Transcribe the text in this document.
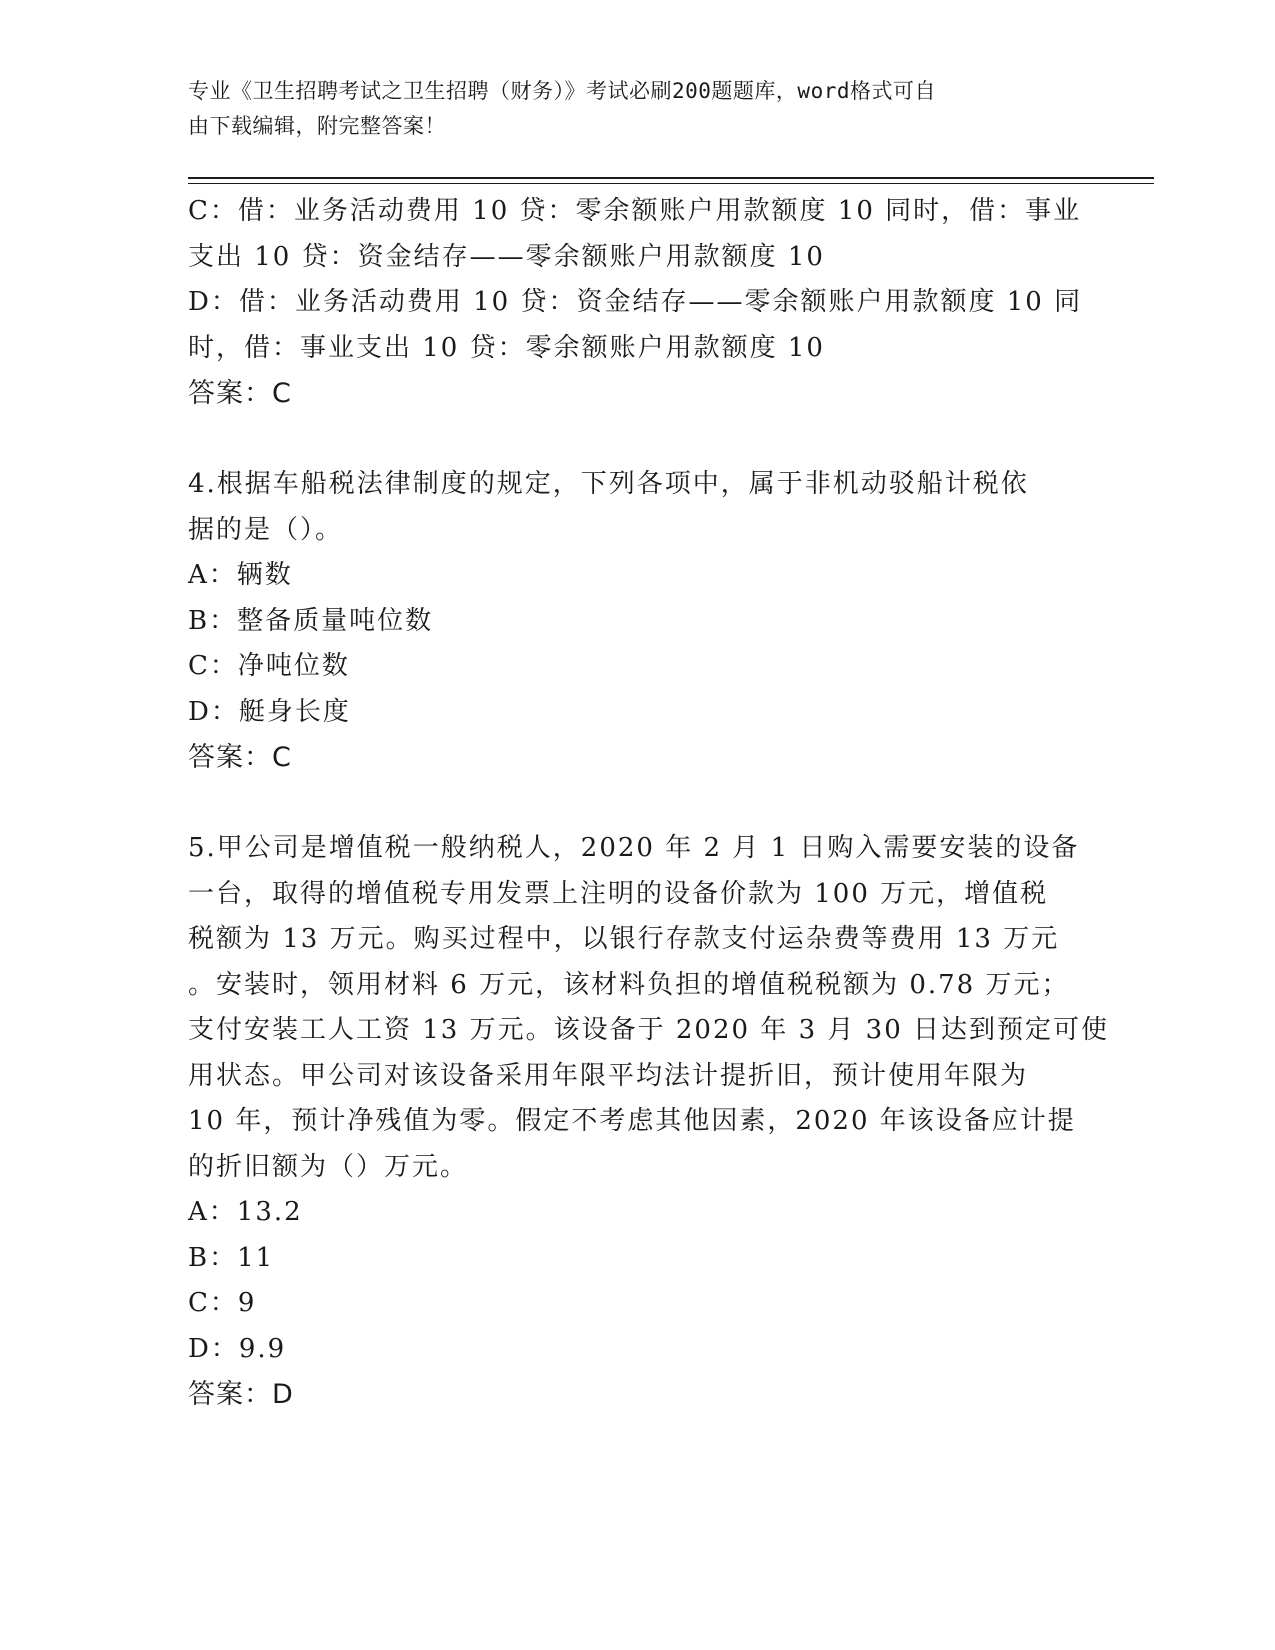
专业《卫生招聘考试之卫生招聘（财务）》考试必刷200题题库，word格式可自
由下载编辑，附完整答案！
C：借：业务活动费用 10 贷：零余额账户用款额度 10 同时，借：事业
支出 10 贷：资金结存——零余额账户用款额度 10
D：借：业务活动费用 10 贷：资金结存——零余额账户用款额度 10 同
时，借：事业支出 10 贷：零余额账户用款额度 10
答案：C
4.根据车船税法律制度的规定，下列各项中，属于非机动驳船计税依
据的是（）。
A：辆数
B：整备质量吨位数
C：净吨位数
D：艇身长度
答案：C
5.甲公司是增值税一般纳税人，2020 年 2 月 1 日购入需要安装的设备
一台，取得的增值税专用发票上注明的设备价款为 100 万元，增值税
税额为 13 万元。购买过程中，以银行存款支付运杂费等费用 13 万元
。安装时，领用材料 6 万元，该材料负担的增值税税额为 0.78 万元；
支付安装工人工资 13 万元。该设备于 2020 年 3 月 30 日达到预定可使
用状态。甲公司对该设备采用年限平均法计提折旧，预计使用年限为
10 年，预计净残值为零。假定不考虑其他因素，2020 年该设备应计提
的折旧额为（）万元。
A：13.2
B：11
C：9
D：9.9
答案：D
